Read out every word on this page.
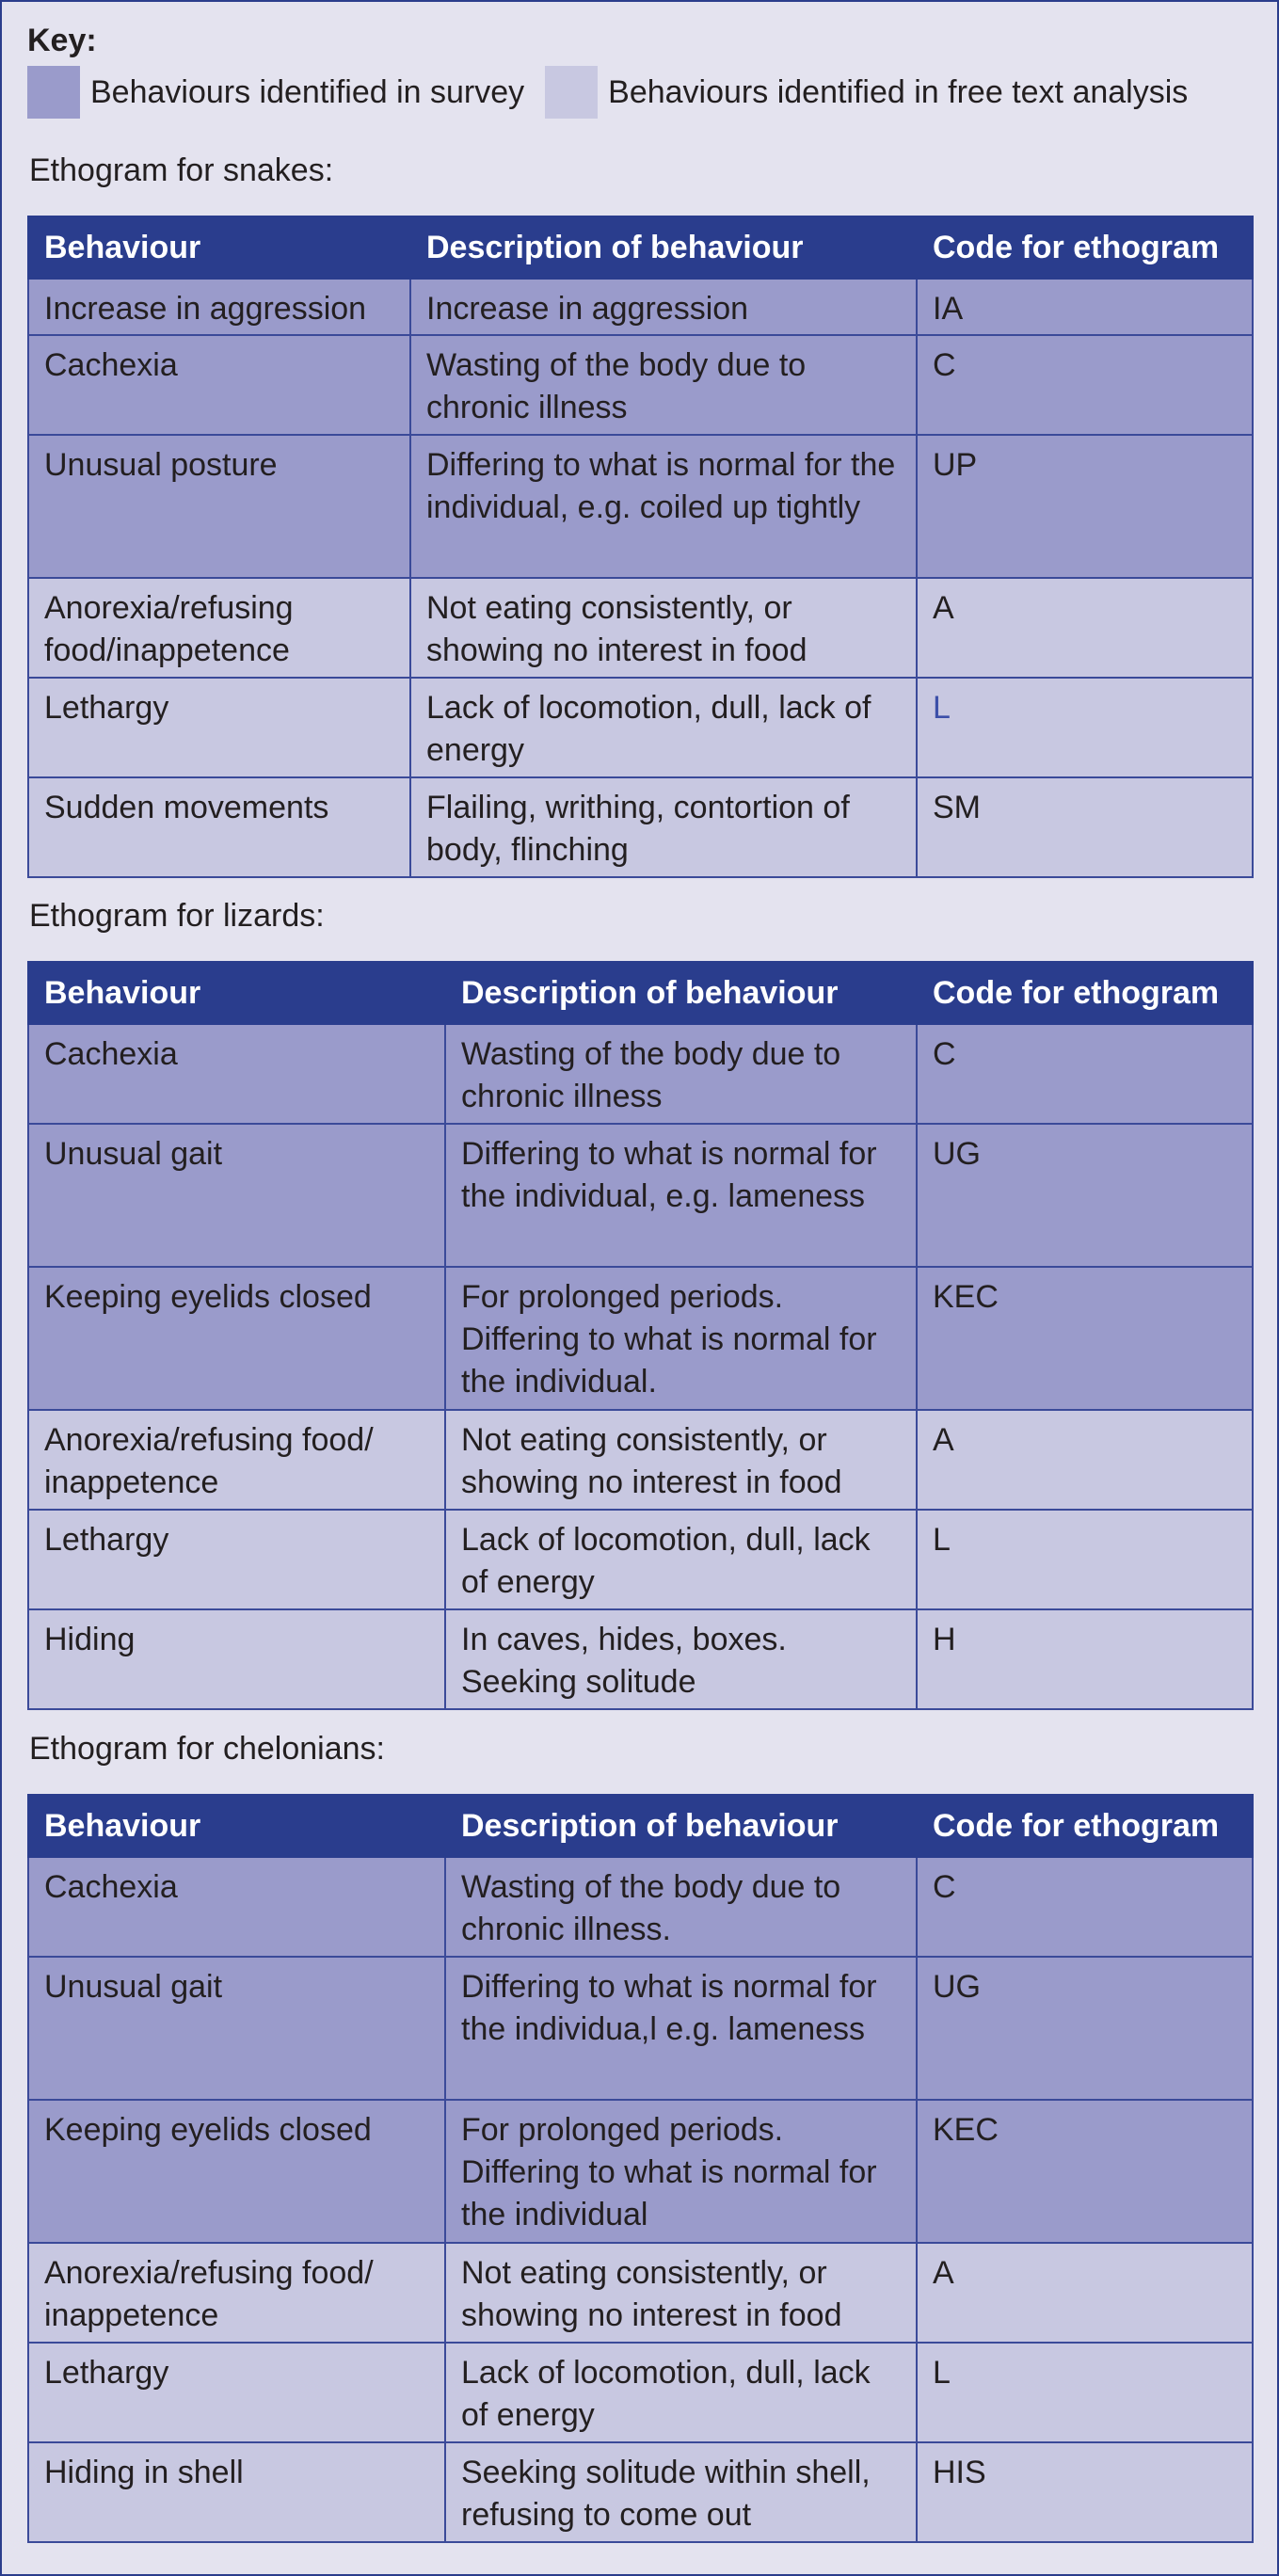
Key:
Behaviours identified in survey	Behaviours identified in free text analysis
Ethogram for snakes:
Behaviour	Description of behaviour	Code for ethogram
Increase in aggression	Increase in aggression	IA
Cachexia	Wasting of the body due to chronic illness	C
Unusual posture	Differing to what is normal for the individual, e.g. coiled up tightly	UP
Anorexia/refusing food/inappetence	Not eating consistently, or showing no interest in food	A
Lethargy	Lack of locomotion, dull, lack of energy	L
Sudden movements	Flailing, writhing, contortion of body, flinching	SM
Ethogram for lizards:
Behaviour	Description of behaviour	Code for ethogram
Cachexia	Wasting of the body due to chronic illness	C
Unusual gait	Differing to what is normal for the individual, e.g. lameness	UG
Keeping eyelids closed	For prolonged periods. Differing to what is normal for the individual.	KEC
Anorexia/refusing food/ inappetence	Not eating consistently, or showing no interest in food	A
Lethargy	Lack of locomotion, dull, lack of energy	L
Hiding	In caves, hides, boxes. Seeking solitude	H
Ethogram for chelonians:
Behaviour	Description of behaviour	Code for ethogram
Cachexia	Wasting of the body due to chronic illness.	C
Unusual gait	Differing to what is normal for the individua,l e.g. lameness	UG
Keeping eyelids closed	For prolonged periods. Differing to what is normal for the individual	KEC
Anorexia/refusing food/ inappetence	Not eating consistently, or showing no interest in food	A
Lethargy	Lack of locomotion, dull, lack of energy	L
Hiding in shell	Seeking solitude within shell, refusing to come out	HIS
